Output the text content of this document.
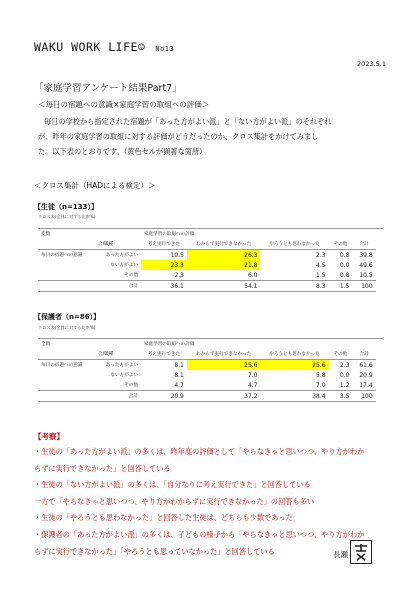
WAKU WORK LIFE☺ No13
2023.5.1
「家庭学習アンケート結果Part7」
＜毎日の宿題への意識×家庭学習の取組への評価＞

毎日の学校から指定された宿題が「あった方がよい派」と「ない方がよい派」のそれぞれ

が、昨年の家庭学習の取組に対する評価がどうだったのか、クロス集計をかけてみまし
た。以下表のとおりです。（黄色セルが顕著な箇所）
＜クロス集計（HADによる検定）＞
【生徒（n=133）】
クロス表(全体に対する比率%)
変数		家庭学習の取組への評価					
	合/職種	考え実行できた	わからず実行できなかった	やろうとも思わなかった	その他	合計	
毎日の宿題への意識	あった方がよい	10.5	26.3	2.3	0.8	39.8	
	ない方がよい	23.3	21.8	4.5	0.0	49.6	
	その他	2.3	6.0	1.5	0.8	10.5	
	合計	36.1	54.1	8.3	1.5	100	
【保護者（n=86）】
クロス表(全体に対する比率%)
全数		家庭学習の取組への評価					
	合/職種	考え実行できた	わからず実行できなかった	やろうとも思わなかった	その他	合計	
毎日の宿題への意識	あった方がよい	8.1	25.6	25.6	2.3	61.6	
	ない方がよい	8.1	7.0	5.8	0.0	20.9	
	その他	4.7	4.7	7.0	1.2	17.4	
	合計	20.9	37.2	38.4	3.5	100	
【考察】
・生徒の「あった方がよい派」の多くは、昨年度の評価として「やらなきゃと思いつつ、やり方がわか
らずに実行できなかった」と回答している
・生徒の「ない方がよい派」の多くは、「自分なりに考え実行できた」と回答している
一方で「やらなきゃと思いつつ、やり方がわからずに実行できなかった」の回答も多い
・生徒の「やろうとも思わなかった」と回答した生徒は、どちらも少数であった
・保護者の「あった方がよい派」の多くは、子どもの様子から「やらなきゃと思いつつ、やり方がわか
らずに実行できなかった」「やろうとも思っていなかった」と回答している	長瀬
